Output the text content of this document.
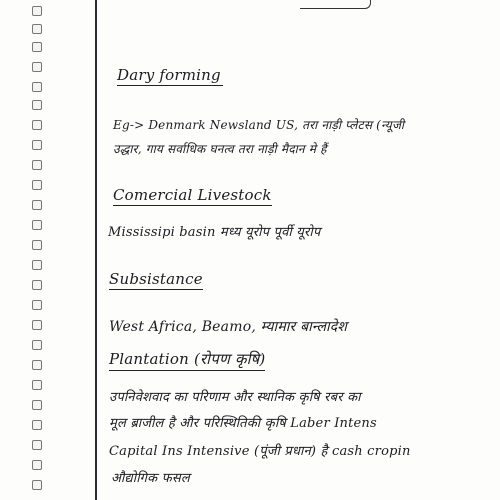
Dary forming
Eg-> Denmark Newsland US, तरा नाड़ी प्लेटस (न्यूजी
उद्धार, गाय सर्वाधिक घनत्व तरा नाड़ी मैदान मे हैं
Comercial Livestock
Mississipi basin मध्य यूरोप पूर्वी यूरोप
Subsistance
West Africa, Beamo, म्यामार बान्लादेश
Plantation (रोपण कृषि)
उपनिवेशवाद का परिणाम और स्थानिक कृषि रबर का
मूल ब्राजील है और परिस्थितिकी कृषि Laber Intens
Capital Ins Intensive (पूंजी प्रधान) है cash cropin
औद्योगिक फसल
